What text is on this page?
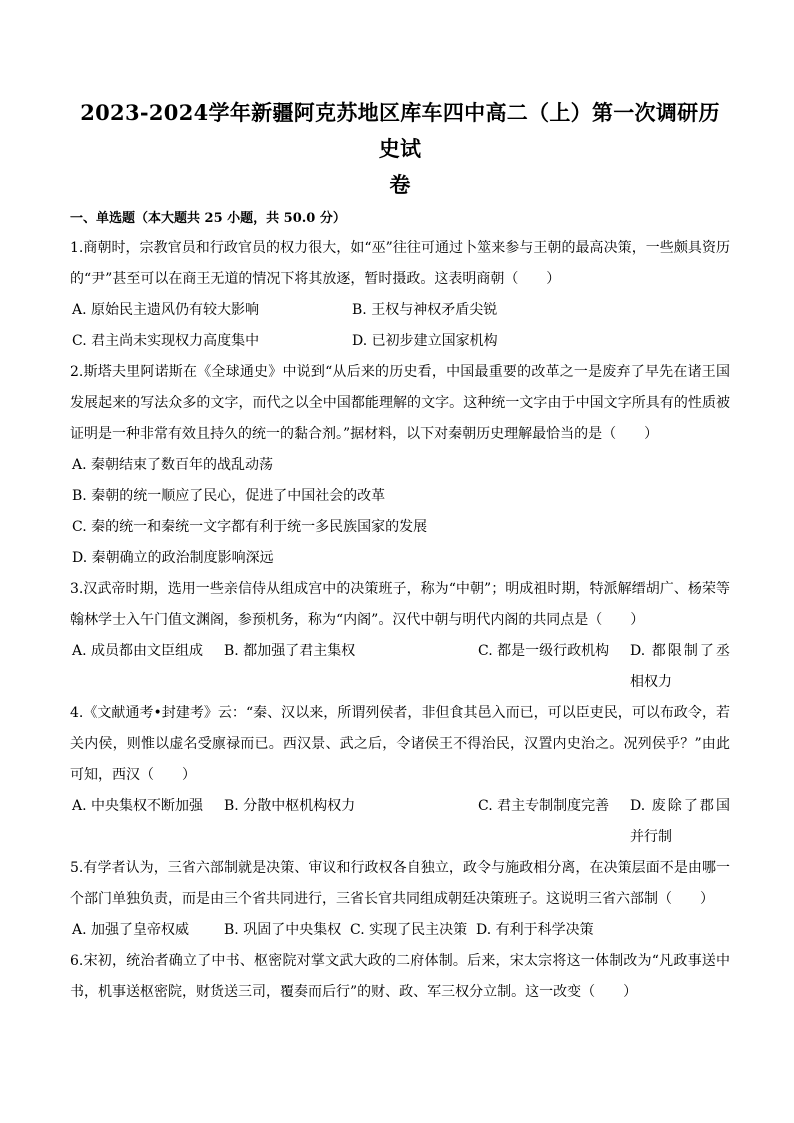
2023-2024学年新疆阿克苏地区库车四中高二（上）第一次调研历史试
卷
一、单选题（本大题共 25 小题，共 50.0 分）
1.商朝时，宗教官员和行政官员的权力很大，如“巫”往往可通过卜筮来参与王朝的最高决策，一些颇具资历的“尹”甚至可以在商王无道的情况下将其放逐，暂时摄政。这表明商朝（　　）
A. 原始民主遗风仍有较大影响	B. 王权与神权矛盾尖锐
C. 君主尚未实现权力高度集中	D. 已初步建立国家机构
2.斯塔夫里阿诺斯在《全球通史》中说到“从后来的历史看，中国最重要的改革之一是废弃了早先在诸王国发展起来的写法众多的文字，而代之以全中国都能理解的文字。这种统一文字由于中国文字所具有的性质被证明是一种非常有效且持久的统一的黏合剂。”据材料，以下对秦朝历史理解最恰当的是（　　）
A. 秦朝结束了数百年的战乱动荡
B. 秦朝的统一顺应了民心，促进了中国社会的改革
C. 秦的统一和秦统一文字都有利于统一多民族国家的发展
D. 秦朝确立的政治制度影响深远
3.汉武帝时期，选用一些亲信侍从组成宫中的决策班子，称为“中朝”；明成祖时期，特派解缙胡广、杨荣等翰林学士入午门值文渊阁，参预机务，称为“内阁”。汉代中朝与明代内阁的共同点是（　　）
A. 成员都由文臣组成 B. 都加强了君主集权	C. 都是一级行政机构	D. 都限制了丞相权力
4.《文献通考•封建考》云：“秦、汉以来，所谓列侯者，非但食其邑入而已，可以臣吏民，可以布政令，若关内侯，则惟以虚名受廪禄而已。西汉景、武之后，令诸侯王不得治民，汉置内史治之。况列侯乎？”由此可知，西汉（　　）
A. 中央集权不断加强 B. 分散中枢机构权力	C. 君主专制制度完善	D. 废除了郡国并行制
5.有学者认为，三省六部制就是决策、审议和行政权各自独立，政令与施政相分离，在决策层面不是由哪一个部门单独负责，而是由三个省共同进行，三省长官共同组成朝廷决策班子。这说明三省六部制（　　）
A. 加强了皇帝权威 B. 巩固了中央集权 C. 实现了民主决策 D. 有利于科学决策
6.宋初，统治者确立了中书、枢密院对掌文武大政的二府体制。后来，宋太宗将这一体制改为“凡政事送中书，机事送枢密院，财货送三司，覆奏而后行”的财、政、军三权分立制。这一改变（　　）
